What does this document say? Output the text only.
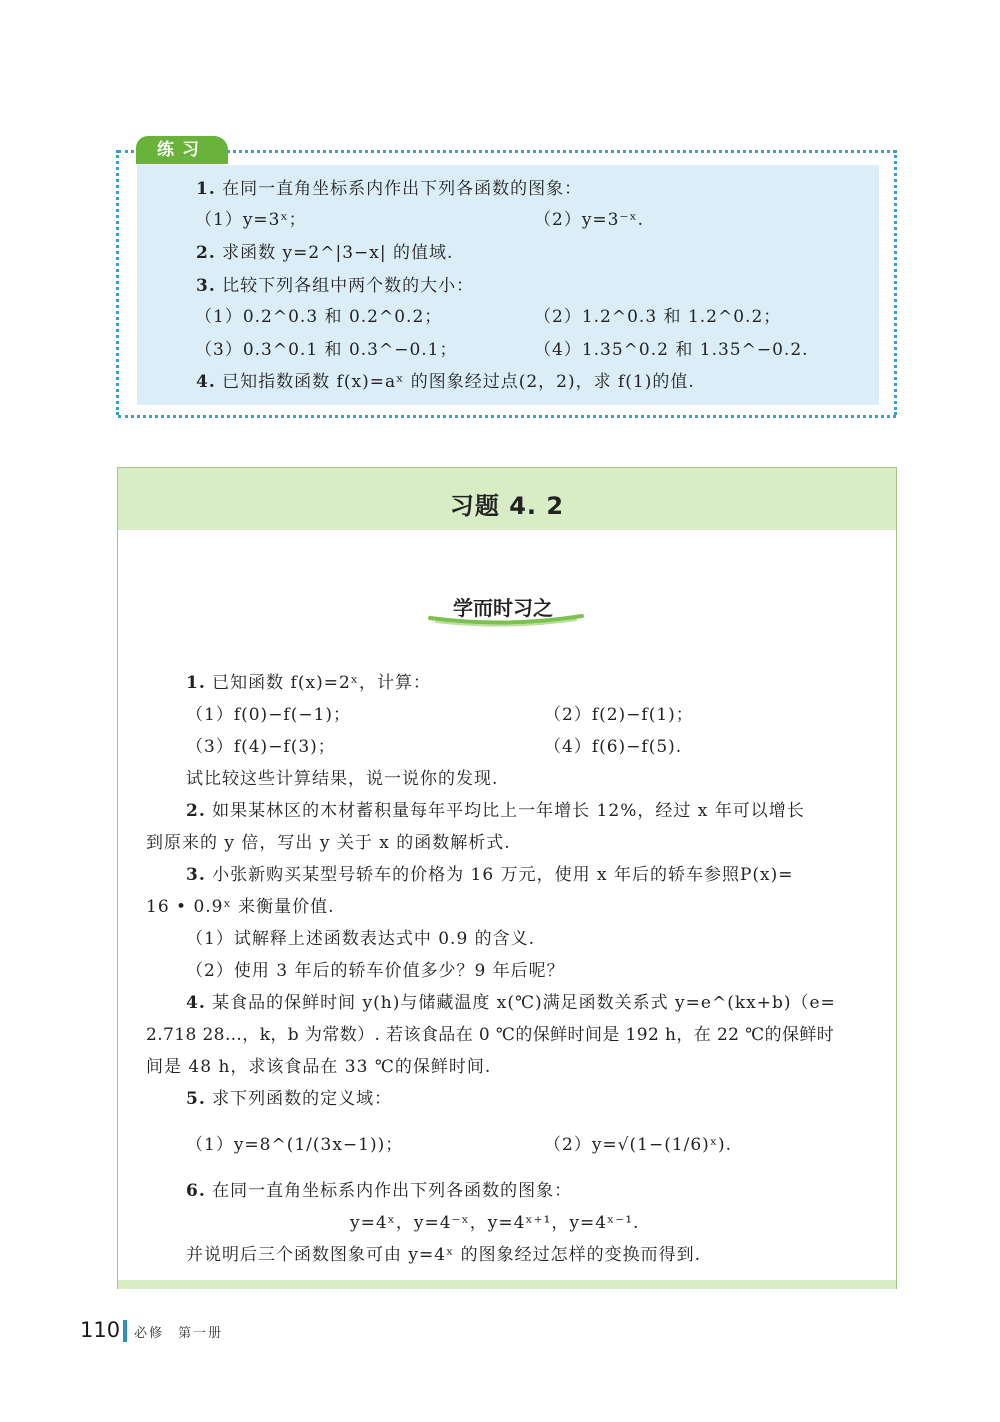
练习
1. 在同一直角坐标系内作出下列各函数的图象：
（1）y=3ˣ；	（2）y=3⁻ˣ.
2. 求函数 y=2^|3−x| 的值域.
3. 比较下列各组中两个数的大小：
（1）0.2^0.3 和 0.2^0.2；	（2）1.2^0.3 和 1.2^0.2；
（3）0.3^0.1 和 0.3^−0.1；	（4）1.35^0.2 和 1.35^−0.2.
4. 已知指数函数 f(x)=aˣ 的图象经过点(2，2)，求 f(1)的值.
习题 4. 2
学而时习之
1. 已知函数 f(x)=2ˣ，计算：
（1）f(0)−f(−1)；	（2）f(2)−f(1)；
（3）f(4)−f(3)；	（4）f(6)−f(5).
试比较这些计算结果，说一说你的发现.
2. 如果某林区的木材蓄积量每年平均比上一年增长 12%，经过 x 年可以增长
到原来的 y 倍，写出 y 关于 x 的函数解析式.
3. 小张新购买某型号轿车的价格为 16 万元，使用 x 年后的轿车参照P(x)=
16 • 0.9ˣ 来衡量价值.
（1）试解释上述函数表达式中 0.9 的含义.
（2）使用 3 年后的轿车价值多少？9 年后呢？
4. 某食品的保鲜时间 y(h)与储藏温度 x(℃)满足函数关系式 y=e^(kx+b)（e=
2.718 28…，k，b 为常数）. 若该食品在 0 ℃的保鲜时间是 192 h，在 22 ℃的保鲜时
间是 48 h，求该食品在 33 ℃的保鲜时间.
5. 求下列函数的定义域：
（1）y=8^(1/(3x−1))；	（2）y=√(1−(1/6)ˣ).
6. 在同一直角坐标系内作出下列各函数的图象：
y=4ˣ，y=4⁻ˣ，y=4ˣ⁺¹，y=4ˣ⁻¹.
并说明后三个函数图象可由 y=4ˣ 的图象经过怎样的变换而得到.
110 必修 第一册
